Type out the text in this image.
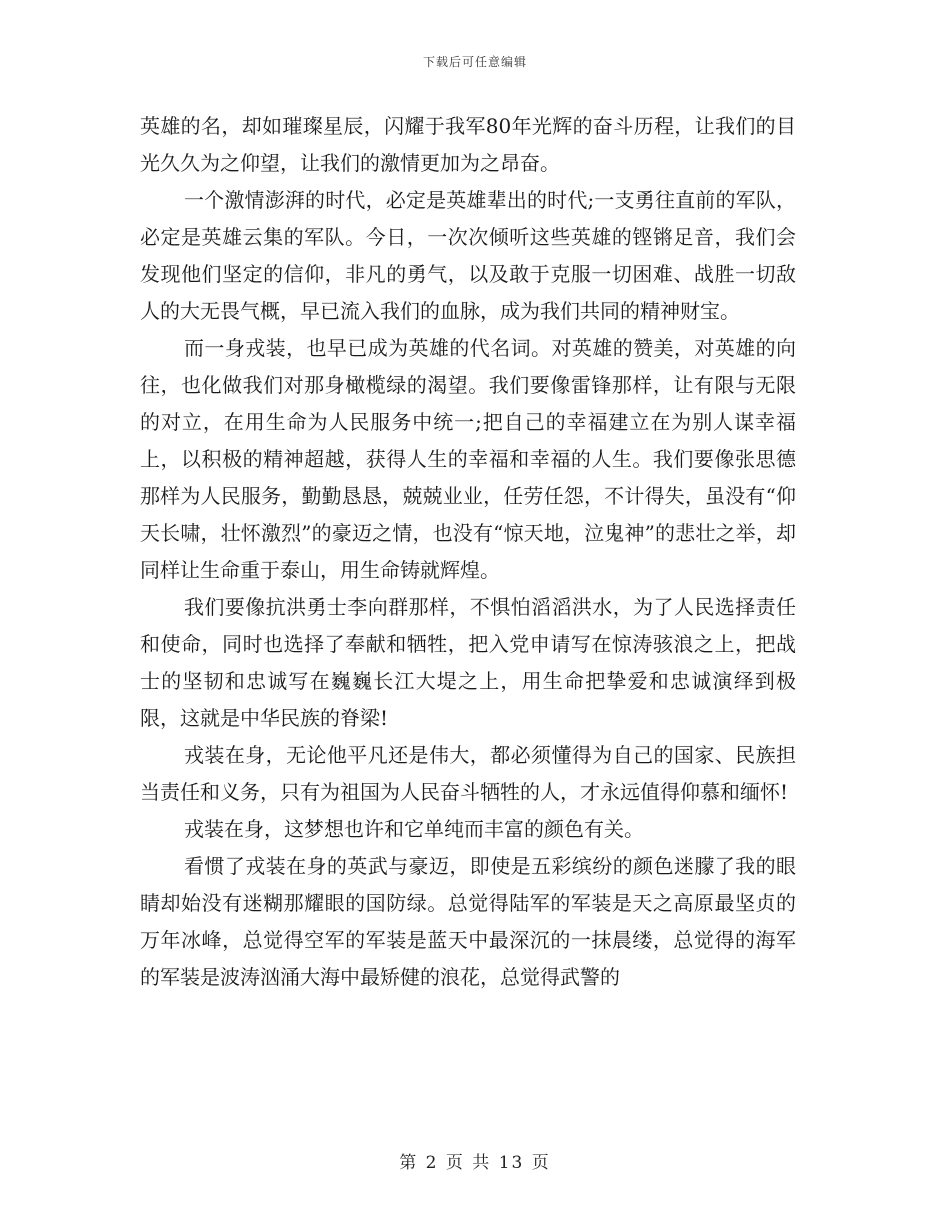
下载后可任意编辑

英雄的名，却如璀璨星辰，闪耀于我军80年光辉的奋斗历程，让我们的目光久久为之仰望，让我们的激情更加为之昂奋。

一个激情澎湃的时代，必定是英雄辈出的时代;一支勇往直前的军队，必定是英雄云集的军队。今日，一次次倾听这些英雄的铿锵足音，我们会发现他们坚定的信仰，非凡的勇气，以及敢于克服一切困难、战胜一切敌人的大无畏气概，早已流入我们的血脉，成为我们共同的精神财宝。

而一身戎装，也早已成为英雄的代名词。对英雄的赞美，对英雄的向往，也化做我们对那身橄榄绿的渴望。我们要像雷锋那样，让有限与无限的对立，在用生命为人民服务中统一;把自己的幸福建立在为别人谋幸福上，以积极的精神超越，获得人生的幸福和幸福的人生。我们要像张思德那样为人民服务，勤勤恳恳，兢兢业业，任劳任怨，不计得失，虽没有“仰天长啸，壮怀激烈”的豪迈之情，也没有“惊天地，泣鬼神”的悲壮之举，却同样让生命重于泰山，用生命铸就辉煌。

我们要像抗洪勇士李向群那样，不惧怕滔滔洪水，为了人民选择责任和使命，同时也选择了奉献和牺牲，把入党申请写在惊涛骇浪之上，把战士的坚韧和忠诚写在巍巍长江大堤之上，用生命把挚爱和忠诚演绎到极限，这就是中华民族的脊梁!

戎装在身，无论他平凡还是伟大，都必须懂得为自己的国家、民族担当责任和义务，只有为祖国为人民奋斗牺牲的人，才永远值得仰慕和缅怀!

戎装在身，这梦想也许和它单纯而丰富的颜色有关。

看惯了戎装在身的英武与豪迈，即使是五彩缤纷的颜色迷朦了我的眼睛却始没有迷糊那耀眼的国防绿。总觉得陆军的军装是天之高原最坚贞的万年冰峰，总觉得空军的军装是蓝天中最深沉的一抹晨缕，总觉得的海军的军装是波涛汹涌大海中最矫健的浪花，总觉得武警的

第 2 页 共 13 页
